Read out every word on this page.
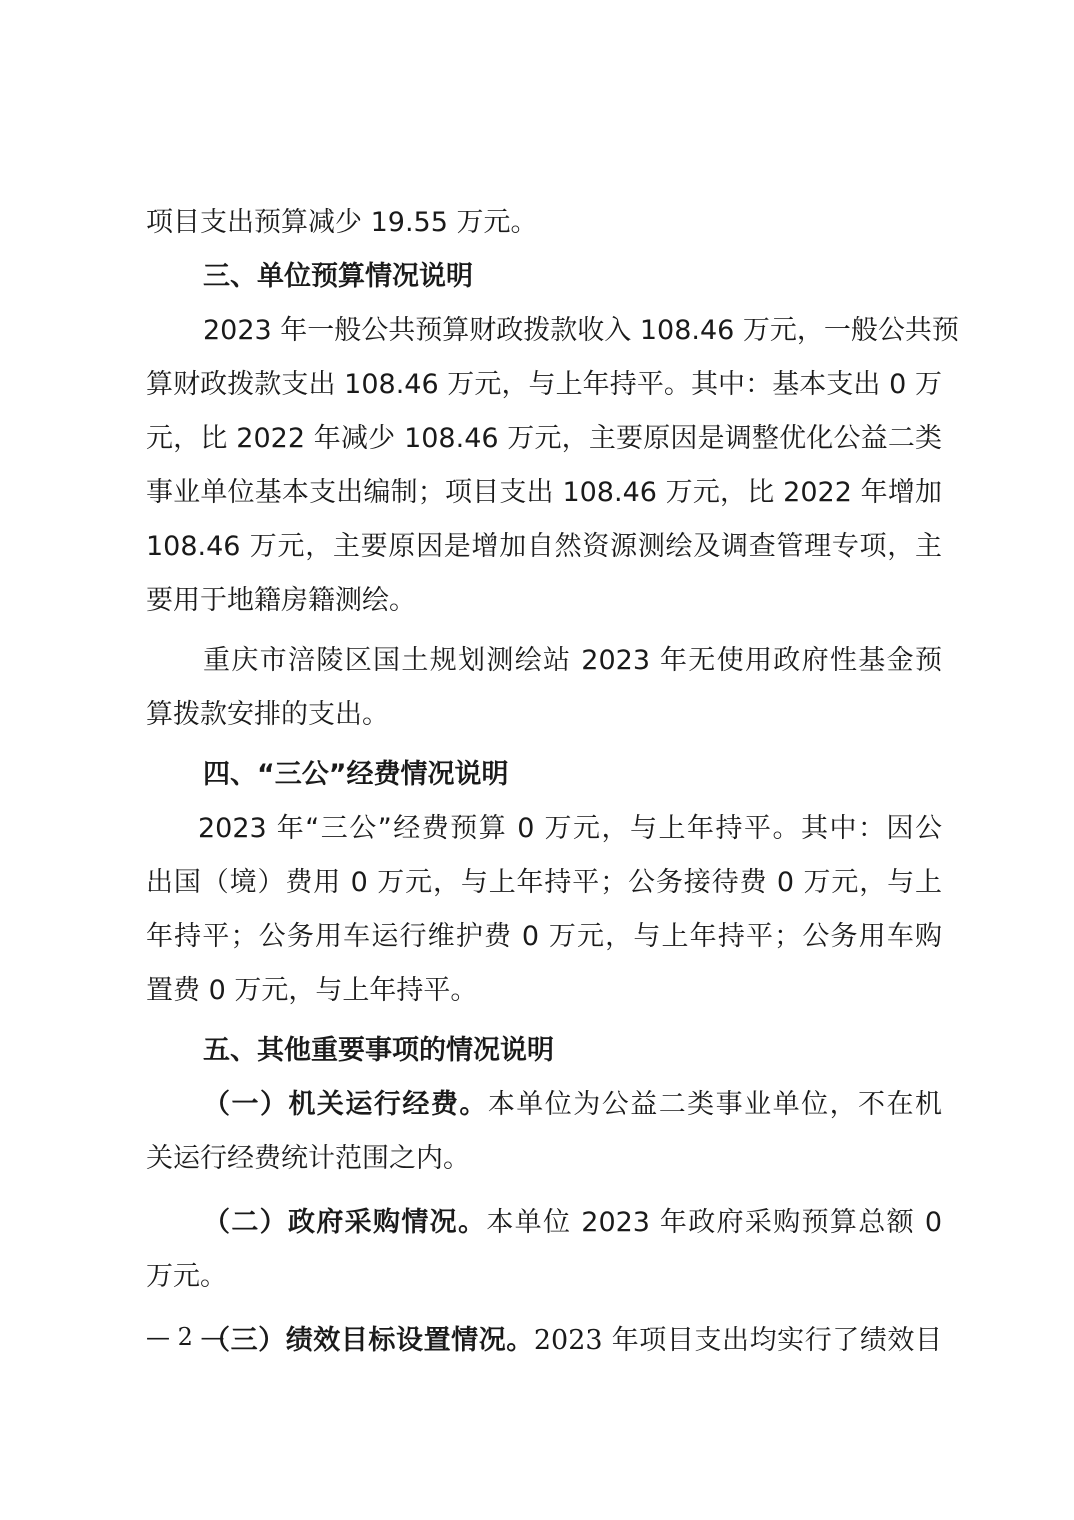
项目支出预算减少 19.55 万元。
三、单位预算情况说明
2023 年一般公共预算财政拨款收入 108.46 万元，一般公共预
算财政拨款支出 108.46 万元，与上年持平。其中：基本支出 0 万
元，比 2022 年减少 108.46 万元，主要原因是调整优化公益二类
事业单位基本支出编制；项目支出 108.46 万元，比 2022 年增加
108.46 万元，主要原因是增加自然资源测绘及调查管理专项，主
要用于地籍房籍测绘。
重庆市涪陵区国土规划测绘站 2023 年无使用政府性基金预
算拨款安排的支出。
四、“三公”经费情况说明
2023 年“三公”经费预算 0 万元，与上年持平。其中：因公
出国（境）费用 0 万元，与上年持平；公务接待费 0 万元，与上
年持平；公务用车运行维护费 0 万元，与上年持平；公务用车购
置费 0 万元，与上年持平。
五、其他重要事项的情况说明
（一）机关运行经费。本单位为公益二类事业单位，不在机
关运行经费统计范围之内。
（二）政府采购情况。本单位 2023 年政府采购预算总额 0
万元。
（三）绩效目标设置情况。2023 年项目支出均实行了绩效目
— 2 —
